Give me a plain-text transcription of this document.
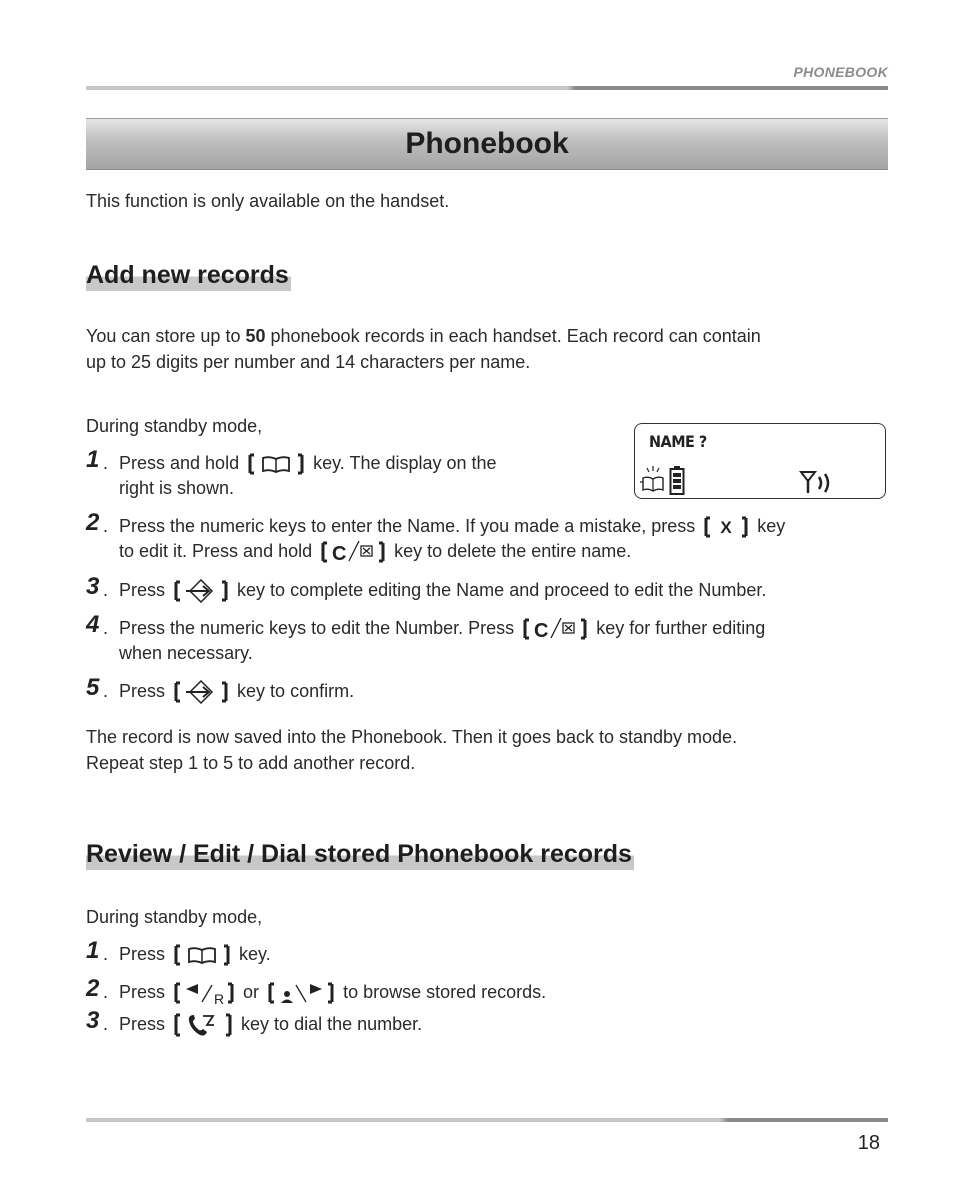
PHONEBOOK
Phonebook
This function is only available on the handset.
Add new records
You can store up to 50 phonebook records in each handset. Each record can contain
up to 25 digits per number and 14 characters per name.
During standby mode,
1 . Press and hold	key. The display on the
right is shown.
NAME ?
2 . Press the numeric keys to enter the Name. If you made a mistake, press X key
to edit it. Press and hold C	key to delete the entire name.
3 . Press	key to complete editing the Name and proceed to edit the Number.
4 . Press the numeric keys to edit the Number. Press C	key for further editing
when necessary.
5 . Press	key to confirm.
The record is now saved into the Phonebook. Then it goes back to standby mode.
Repeat step 1 to 5 to add another record.
Review / Edit / Dial stored Phonebook records
During standby mode,
1 . Press	key.
2 . Press	R or	to browse stored records.
3 . Press	key to dial the number.
18
